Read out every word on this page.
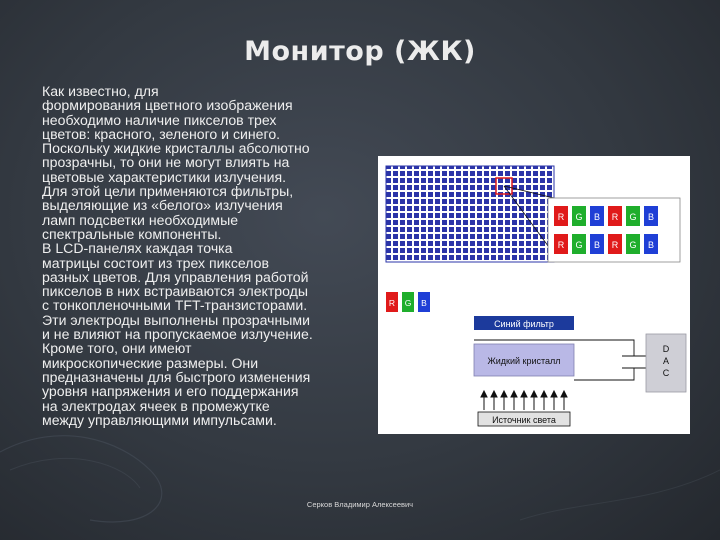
Монитор (ЖК)

Как известно, для
формирования цветного изображения
необходимо наличие пикселов трех
цветов: красного, зеленого и синего.
Поскольку жидкие кристаллы абсолютно
прозрачны, то они не могут влиять на
цветовые характеристики излучения.
Для этой цели применяются фильтры,
выделяющие из «белого» излучения
ламп подсветки необходимые
спектральные компоненты.

В LCD-панелях каждая точка
матрицы состоит из трех пикселов
разных цветов. Для управления работой
пикселов в них встраиваются электроды
с тонкопленочными TFT-транзисторами.
Эти электроды выполнены прозрачными
и не влияют на пропускаемое излучение.
Кроме того, они имеют
микроскопические размеры. Они
предназначены для быстрого изменения
уровня напряжения и его поддержания
на электродах ячеек в промежутке
между управляющими импульсами.

R G B R G B
R G B R G B
R G B
Синий фильтр
Жидкий кристалл
D
A
C
Источник света
Серков Владимир Алексеевич
